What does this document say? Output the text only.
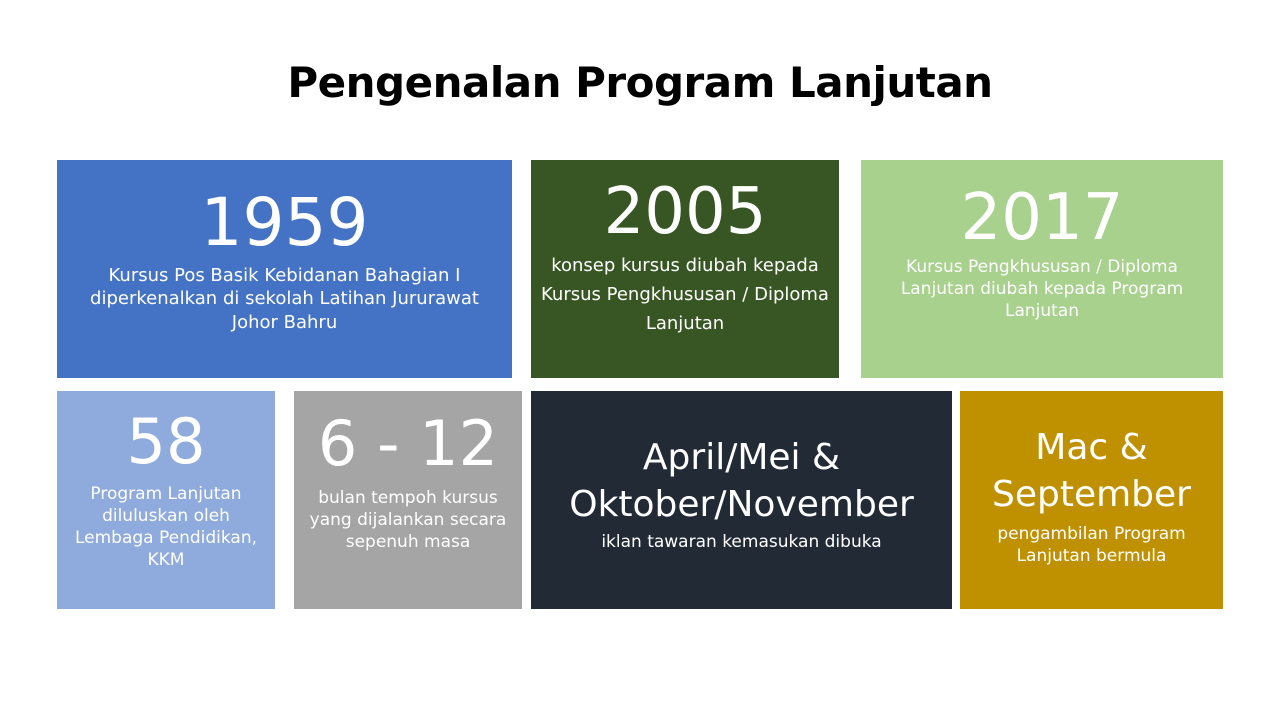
Pengenalan Program Lanjutan
1959
Kursus Pos Basik Kebidanan Bahagian I diperkenalkan di sekolah Latihan Jururawat Johor Bahru
2005
konsep kursus diubah kepada Kursus Pengkhususan / Diploma Lanjutan
2017
Kursus Pengkhususan / Diploma Lanjutan diubah kepada Program Lanjutan
58
Program Lanjutan diluluskan oleh Lembaga Pendidikan, KKM
6 - 12
bulan tempoh kursus yang dijalankan secara sepenuh masa
April/Mei & Oktober/November
iklan tawaran kemasukan dibuka
Mac & September
pengambilan Program Lanjutan bermula
